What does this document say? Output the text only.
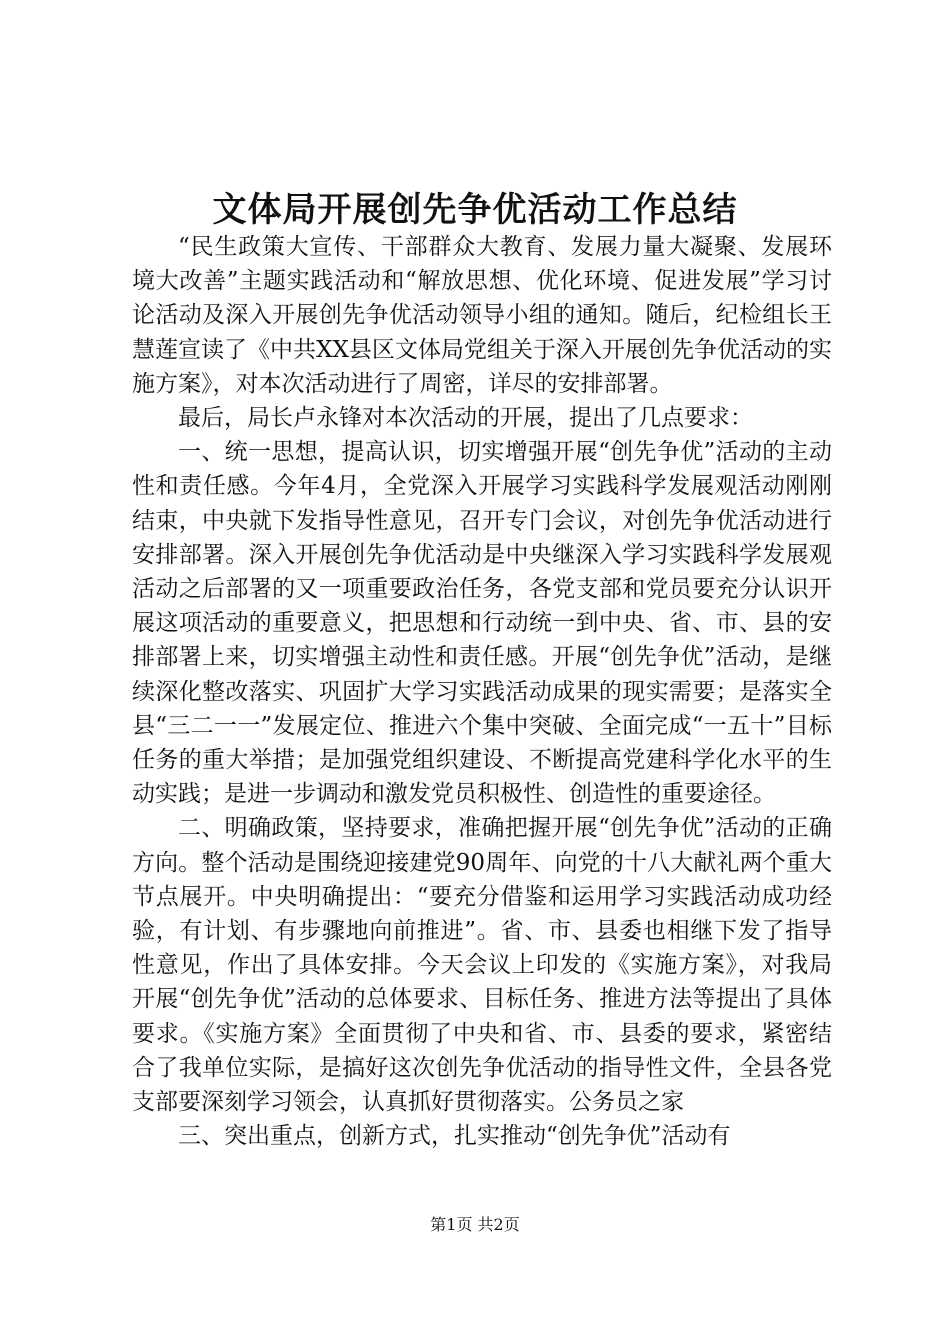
文体局开展创先争优活动工作总结

“民生政策大宣传、干部群众大教育、发展力量大凝聚、发展环境大改善”主题实践活动和“解放思想、优化环境、促进发展”学习讨论活动及深入开展创先争优活动领导小组的通知。随后，纪检组长王慧莲宣读了《中共XX县区文体局党组关于深入开展创先争优活动的实施方案》，对本次活动进行了周密，详尽的安排部署。

最后，局长卢永锋对本次活动的开展，提出了几点要求：

一、统一思想，提高认识，切实增强开展“创先争优”活动的主动性和责任感。今年4月，全党深入开展学习实践科学发展观活动刚刚结束，中央就下发指导性意见，召开专门会议，对创先争优活动进行安排部署。深入开展创先争优活动是中央继深入学习实践科学发展观活动之后部署的又一项重要政治任务，各党支部和党员要充分认识开展这项活动的重要意义，把思想和行动统一到中央、省、市、县的安排部署上来，切实增强主动性和责任感。开展“创先争优”活动，是继续深化整改落实、巩固扩大学习实践活动成果的现实需要；是落实全县“三二一一”发展定位、推进六个集中突破、全面完成“一五十”目标任务的重大举措；是加强党组织建设、不断提高党建科学化水平的生动实践；是进一步调动和激发党员积极性、创造性的重要途径。

二、明确政策，坚持要求，准确把握开展“创先争优”活动的正确方向。整个活动是围绕迎接建党90周年、向党的十八大献礼两个重大节点展开。中央明确提出：“要充分借鉴和运用学习实践活动成功经验，有计划、有步骤地向前推进”。省、市、县委也相继下发了指导性意见，作出了具体安排。今天会议上印发的《实施方案》，对我局开展“创先争优”活动的总体要求、目标任务、推进方法等提出了具体要求。《实施方案》全面贯彻了中央和省、市、县委的要求，紧密结合了我单位实际，是搞好这次创先争优活动的指导性文件，全县各党支部要深刻学习领会，认真抓好贯彻落实。公务员之家

三、突出重点，创新方式，扎实推动“创先争优”活动有

第1页 共2页
